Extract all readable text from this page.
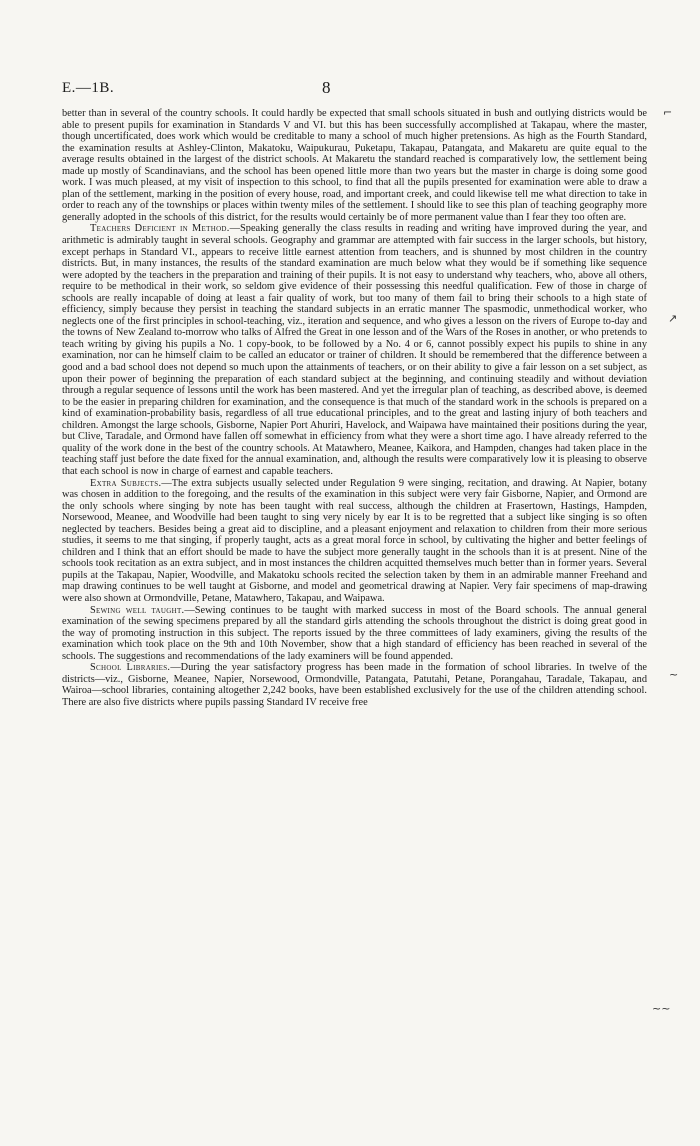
E.—1B.	8

better than in several of the country schools. It could hardly be expected that small schools situated in bush and outlying districts would be able to present pupils for examination in Standards V and VI. but this has been successfully accomplished at Takapau, where the master, though uncertificated, does work which would be creditable to many a school of much higher pretensions. As high as the Fourth Standard, the examination results at Ashley-Clinton, Makatoku, Waipukurau, Puketapu, Takapau, Patangata, and Makaretu are quite equal to the average results obtained in the largest of the district schools. At Makaretu the standard reached is comparatively low, the settlement being made up mostly of Scandinavians, and the school has been opened little more than two years but the master in charge is doing some good work. I was much pleased, at my visit of inspection to this school, to find that all the pupils presented for examination were able to draw a plan of the settlement, marking in the position of every house, road, and important creek, and could likewise tell me what direction to take in order to reach any of the townships or places within twenty miles of the settlement. I should like to see this plan of teaching geography more generally adopted in the schools of this district, for the results would certainly be of more permanent value than I fear they too often are.

Teachers Deficient in Method.—Speaking generally the class results in reading and writing have improved during the year, and arithmetic is admirably taught in several schools. Geography and grammar are attempted with fair success in the larger schools, but history, except perhaps in Standard VI., appears to receive little earnest attention from teachers, and is shunned by most children in the country districts. But, in many instances, the results of the standard examination are much below what they would be if something like sequence were adopted by the teachers in the preparation and training of their pupils. It is not easy to understand why teachers, who, above all others, require to be methodical in their work, so seldom give evidence of their possessing this needful qualification. Few of those in charge of schools are really incapable of doing at least a fair quality of work, but too many of them fail to bring their schools to a high state of efficiency, simply because they persist in teaching the standard subjects in an erratic manner The spasmodic, unmethodical worker, who neglects one of the first principles in school-teaching, viz., iteration and sequence, and who gives a lesson on the rivers of Europe to-day and the towns of New Zealand to-morrow who talks of Alfred the Great in one lesson and of the Wars of the Roses in another, or who pretends to teach writing by giving his pupils a No. 1 copy-book, to be followed by a No. 4 or 6, cannot possibly expect his pupils to shine in any examination, nor can he himself claim to be called an educator or trainer of children. It should be remembered that the difference between a good and a bad school does not depend so much upon the attainments of teachers, or on their ability to give a fair lesson on a set subject, as upon their power of beginning the preparation of each standard subject at the beginning, and continuing steadily and without deviation through a regular sequence of lessons until the work has been mastered. And yet the irregular plan of teaching, as described above, is deemed to be the easier in preparing children for examination, and the consequence is that much of the standard work in the schools is prepared on a kind of examination-probability basis, regardless of all true educational principles, and to the great and lasting injury of both teachers and children. Amongst the large schools, Gisborne, Napier Port Ahuriri, Havelock, and Waipawa have maintained their positions during the year, but Clive, Taradale, and Ormond have fallen off somewhat in efficiency from what they were a short time ago. I have already referred to the quality of the work done in the best of the country schools. At Matawhero, Meanee, Kaikora, and Hampden, changes had taken place in the teaching staff just before the date fixed for the annual examination, and, although the results were comparatively low it is pleasing to observe that each school is now in charge of earnest and capable teachers.

Extra Subjects.—The extra subjects usually selected under Regulation 9 were singing, recitation, and drawing. At Napier, botany was chosen in addition to the foregoing, and the results of the examination in this subject were very fair Gisborne, Napier, and Ormond are the only schools where singing by note has been taught with real success, although the children at Frasertown, Hastings, Hampden, Norsewood, Meanee, and Woodville had been taught to sing very nicely by ear It is to be regretted that a subject like singing is so often neglected by teachers. Besides being a great aid to discipline, and a pleasant enjoyment and relaxation to children from their more serious studies, it seems to me that singing, if properly taught, acts as a great moral force in school, by cultivating the higher and better feelings of children and I think that an effort should be made to have the subject more generally taught in the schools than it is at present. Nine of the schools took recitation as an extra subject, and in most instances the children acquitted themselves much better than in former years. Several pupils at the Takapau, Napier, Woodville, and Makatoku schools recited the selection taken by them in an admirable manner Freehand and map drawing continues to be well taught at Gisborne, and model and geometrical drawing at Napier. Very fair specimens of map-drawing were also shown at Ormondville, Petane, Matawhero, Takapau, and Waipawa.

Sewing well taught.—Sewing continues to be taught with marked success in most of the Board schools. The annual general examination of the sewing specimens prepared by all the standard girls attending the schools throughout the district is doing great good in the way of promoting instruction in this subject. The reports issued by the three committees of lady examiners, giving the results of the examination which took place on the 9th and 10th November, show that a high standard of efficiency has been reached in several of the schools. The suggestions and recommendations of the lady examiners will be found appended.

School Libraries.—During the year satisfactory progress has been made in the formation of school libraries. In twelve of the districts—viz., Gisborne, Meanee, Napier, Norsewood, Ormondville, Patangata, Patutahi, Petane, Porangahau, Taradale, Takapau, and Wairoa—school libraries, containing altogether 2,242 books, have been established exclusively for the use of the children attending school. There are also five districts where pupils passing Standard IV receive free

⌐
↗
~
~~
